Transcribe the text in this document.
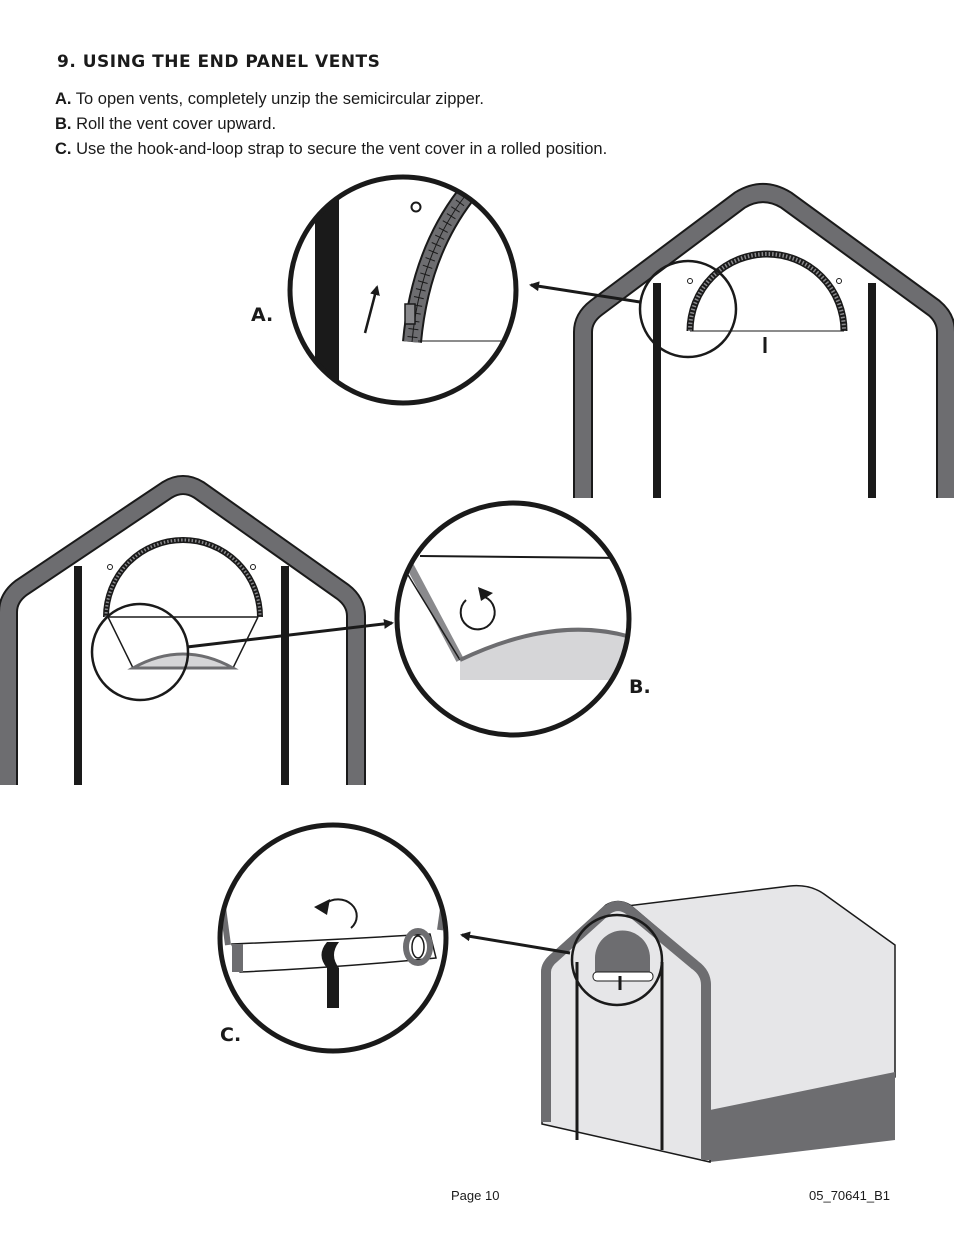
9. USING THE END PANEL VENTS
A. To open vents, completely unzip the semicircular zipper.
B. Roll the vent cover upward.
C. Use the hook-and-loop strap to secure the vent cover in a rolled position.
A.
B.
C.
Page 10	05_70641_B1
